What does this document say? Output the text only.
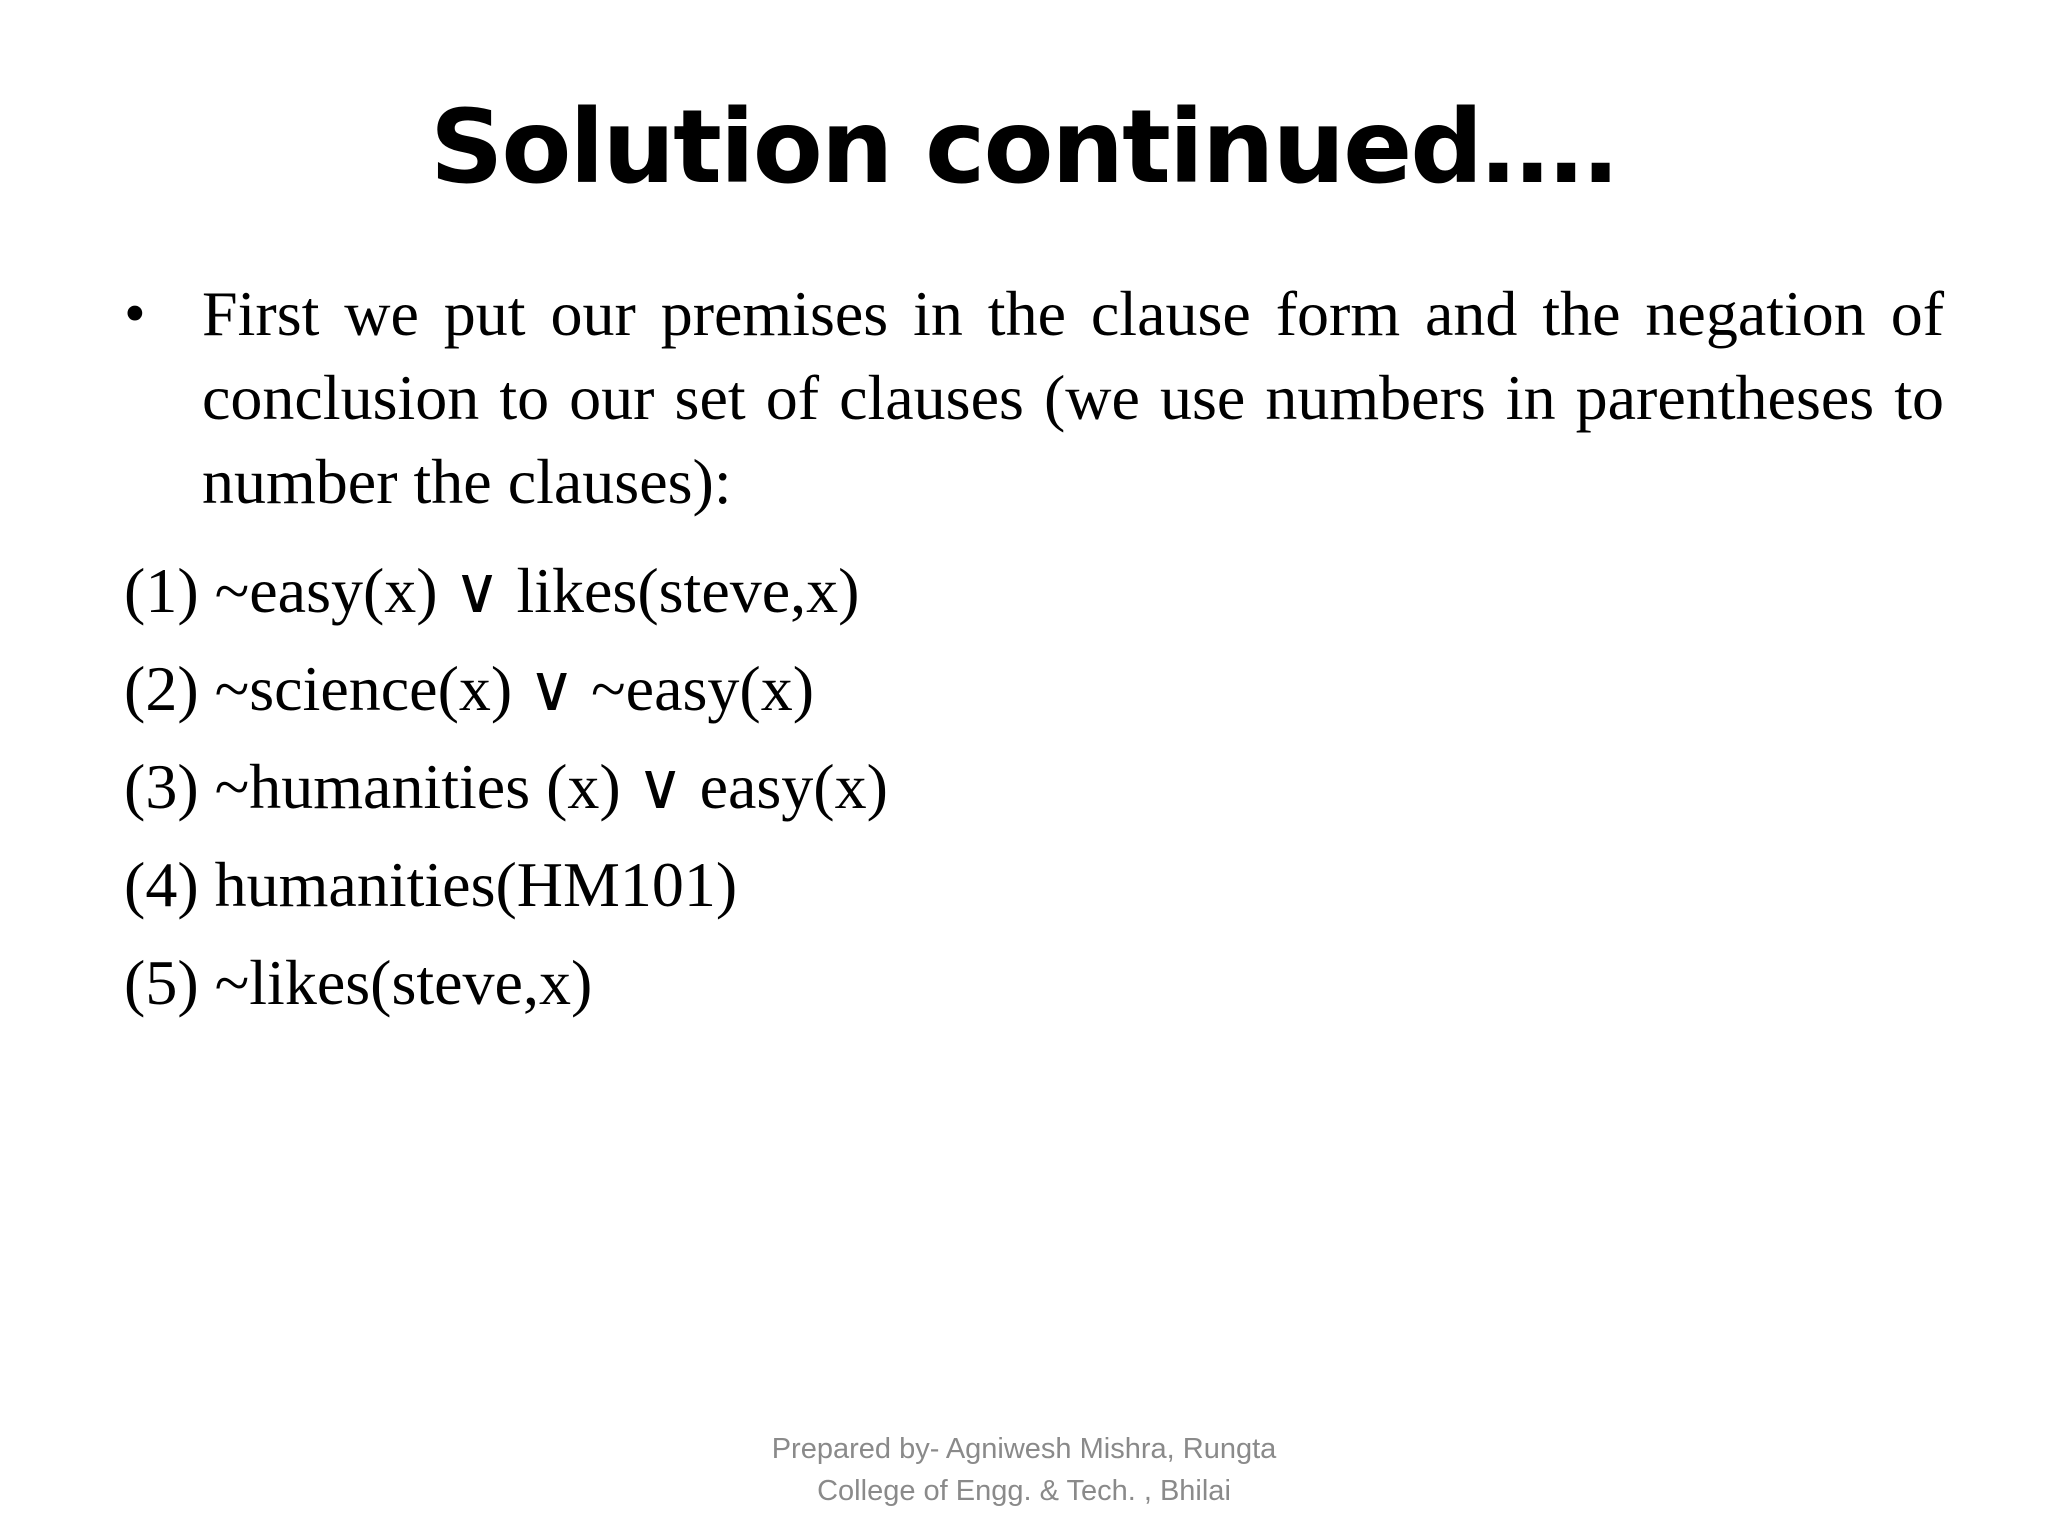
Solution continued….
• First we put our premises in the clause form and the negation of conclusion to our set of clauses (we use numbers in parentheses to number the clauses):
(1) ~easy(x) ∨ likes(steve,x)
(2) ~science(x) ∨ ~easy(x)
(3) ~humanities (x) ∨ easy(x)
(4) humanities(HM101)
(5) ~likes(steve,x)
Prepared by- Agniwesh Mishra, Rungta
College of Engg. & Tech. , Bhilai
